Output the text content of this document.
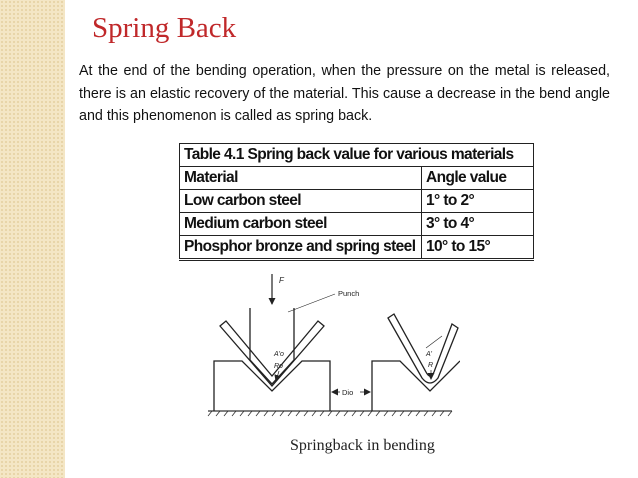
Spring Back

At the end of the bending operation, when the pressure on the metal is released, there is an elastic recovery of the material. This cause a decrease in the bend angle and this phenomenon is called as spring back.

Table 4.1 Spring back value for various materials	
Material	Angle value
Low carbon steel	1° to 2°
Medium carbon steel	3° to 4°
Phosphor bronze and spring steel	10° to 15°
F
Punch
A'o
Ro
Dio
A'
R
Springback in bending
